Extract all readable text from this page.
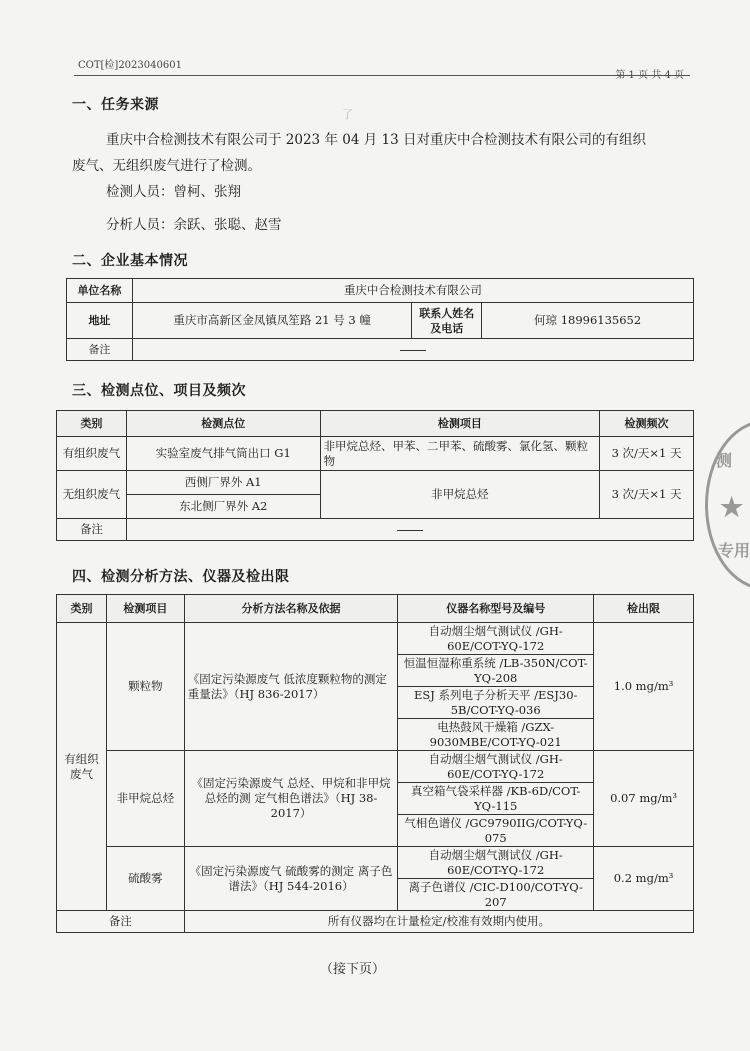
COT[检]2023040601
第 1 页 共 4 页
了
一、任务来源
重庆中合检测技术有限公司于 2023 年 04 月 13 日对重庆中合检测技术有限公司的有组织
废气、无组织废气进行了检测。
检测人员：曾柯、张翔
分析人员：余跃、张聪、赵雪
二、企业基本情况
单位名称	重庆中合检测技术有限公司		
地址	重庆市高新区金凤镇凤笙路 21 号 3 幢	联系人姓名及电话	何琼 18996135652
备注			
三、检测点位、项目及频次
类别	检测点位	检测项目	检测频次
有组织废气	实验室废气排气筒出口 G1	非甲烷总烃、甲苯、二甲苯、硫酸雾、氯化氢、颗粒物	3 次/天×1 天
无组织废气	西侧厂界外 A1	非甲烷总烃	3 次/天×1 天
	东北侧厂界外 A2		
备注			
四、检测分析方法、仪器及检出限
类别	检测项目	分析方法名称及依据	仪器名称型号及编号	检出限
有组织废气	颗粒物	《固定污染源废气 低浓度颗粒物的测定 重量法》（HJ 836-2017）	自动烟尘烟气测试仪 /GH-60E/COT-YQ-172	1.0 mg/m³
			恒温恒湿称重系统 /LB-350N/COT-YQ-208	
			ESJ 系列电子分析天平 /ESJ30-5B/COT-YQ-036	
			电热鼓风干燥箱 /GZX-9030MBE/COT-YQ-021	
	非甲烷总烃	《固定污染源废气 总烃、甲烷和非甲烷总烃的测 定气相色谱法》（HJ 38-2017）	自动烟尘烟气测试仪 /GH-60E/COT-YQ-172	0.07 mg/m³
			真空箱气袋采样器 /KB-6D/COT-YQ-115	
			气相色谱仪 /GC9790IIG/COT-YQ-075	
	硫酸雾	《固定污染源废气 硫酸雾的测定 离子色谱法》（HJ 544-2016）	自动烟尘烟气测试仪 /GH-60E/COT-YQ-172	0.2 mg/m³
			离子色谱仪 /CIC-D100/COT-YQ-207	
备注		所有仪器均在计量检定/校准有效期内使用。		
（接下页）
测
★
专用
